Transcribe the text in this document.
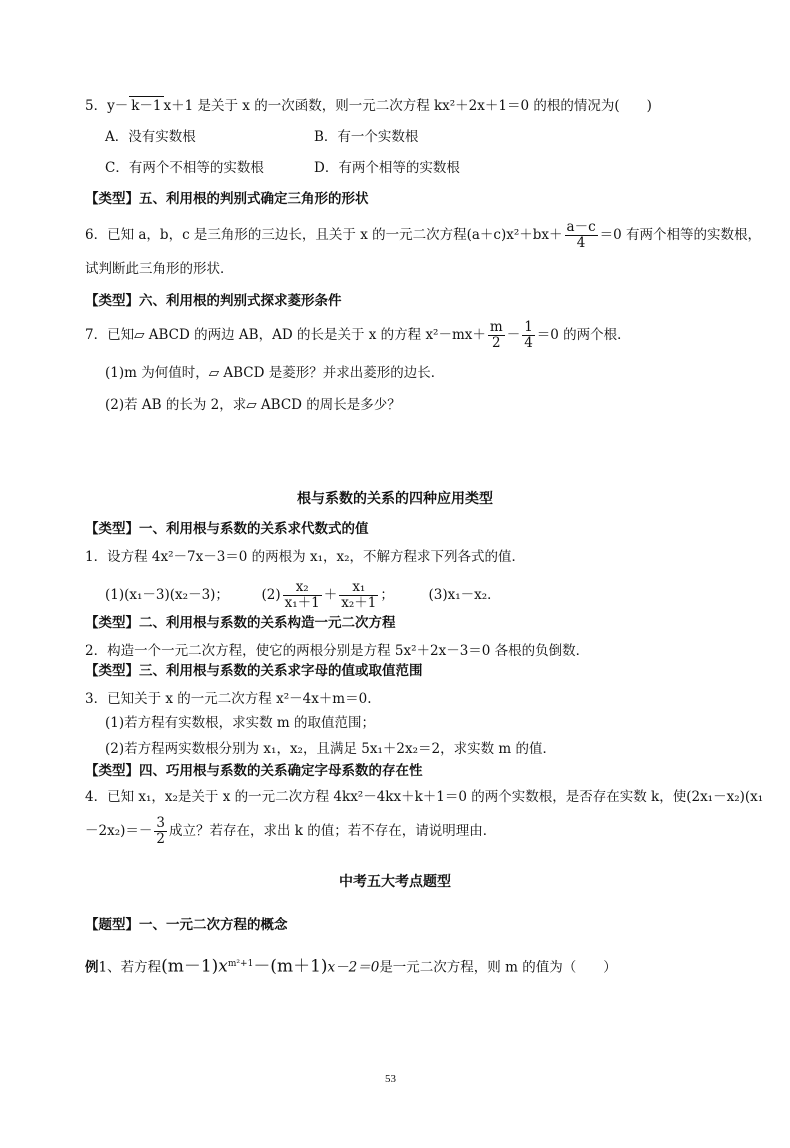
5．y－ k－1 x＋1 是关于 x 的一次函数，则一元二次方程 kx²＋2x＋1＝0 的根的情况为(　　)
A．没有实数根	B．有一个实数根
C．有两个不相等的实数根	D．有两个相等的实数根
【类型】五、利用根的判别式确定三角形的形状
6．已知 a，b，c 是三角形的三边长，且关于 x 的一元二次方程$(a+c)x^2+bx+ \frac{a-c}{4} =0$ 有两个相等的实数根，
试判断此三角形的形状．
【类型】六、利用根的判别式探求菱形条件
7．已知▱ ABCD 的两边 AB，AD 的长是关于 x 的方程 $x^2-mx+ \frac{m}{2} - \frac{1}{4} =0$ 的两个根．
(1)m 为何值时，▱ ABCD 是菱形？并求出菱形的边长．
(2)若 AB 的长为 2，求▱ ABCD 的周长是多少？
根与系数的关系的四种应用类型
【类型】一、利用根与系数的关系求代数式的值
1．设方程 4x²－7x－3＝0 的两根为 x₁，x₂，不解方程求下列各式的值．
(1)(x₁－3)(x₂－3)； $(2) \frac{\text{x₂}}{\text{x₁＋1}} + \frac{\text{x₁}}{\text{x₂＋1}}$ ；	(3)x₁－x₂．
【类型】二、利用根与系数的关系构造一元二次方程
2．构造一个一元二次方程，使它的两根分别是方程 5x²＋2x－3＝0 各根的负倒数．
【类型】三、利用根与系数的关系求字母的值或取值范围
3．已知关于 x 的一元二次方程 x²－4x＋m＝0.
(1)若方程有实数根，求实数 m 的取值范围；
(2)若方程两实数根分别为 x₁，x₂，且满足 5x₁＋2x₂＝2，求实数 m 的值．
【类型】四、巧用根与系数的关系确定字母系数的存在性
4．已知 x₁，x₂是关于 x 的一元二次方程 4kx²－4kx＋k＋1＝0 的两个实数根，是否存在实数 k，使(2x₁－x₂)(x₁
$-2x_2)=- \frac{3}{2}$ 成立？若存在，求出 k 的值；若不存在，请说明理由．
中考五大考点题型
【题型】一、一元二次方程的概念
例1、若方程$(m-1)x^{m^2+1}-(m+1)x-2=0$是一元二次方程，则 m 的值为（　　）
53
